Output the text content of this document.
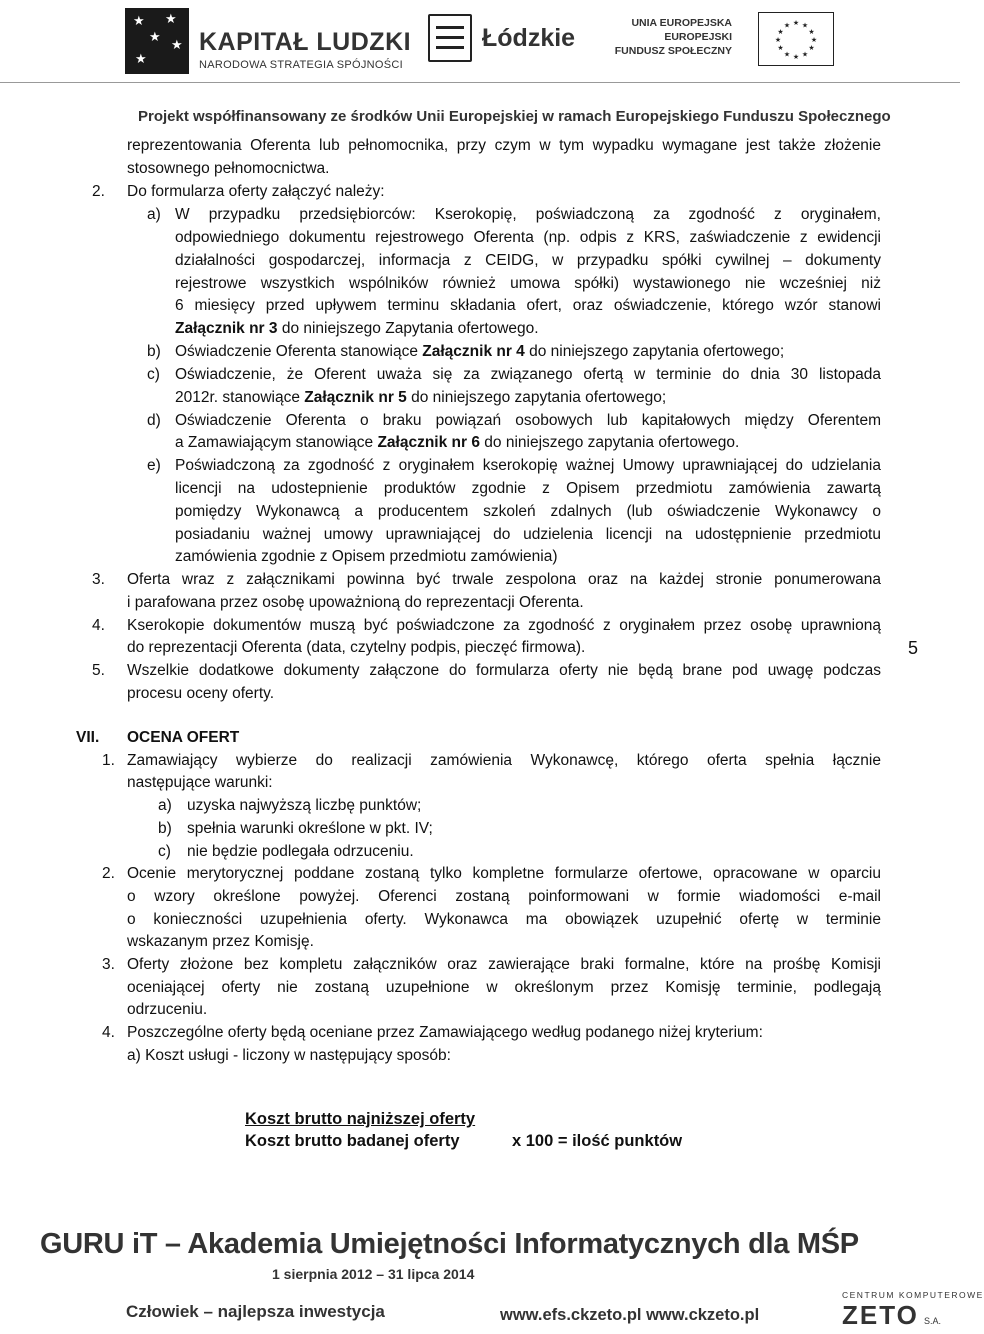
★ ★
★
★
★
KAPITAŁ LUDZKI
NARODOWA STRATEGIA SPÓJNOŚCI
Łódzkie
UNIA EUROPEJSKA
EUROPEJSKI
FUNDUSZ SPOŁECZNY
★ ★
★
★
★
★
★
★
★
★
★
★
Projekt współfinansowany ze środków Unii Europejskiej w ramach Europejskiego Funduszu Społecznego
reprezentowania Oferenta lub pełnomocnika, przy czym w tym wypadku wymagane jest także złożenie
stosownego pełnomocnictwa.
2. Do formularza oferty załączyć należy:
a) W przypadku przedsiębiorców: Kserokopię, poświadczoną za zgodność z oryginałem,
odpowiedniego dokumentu rejestrowego Oferenta (np. odpis z KRS, zaświadczenie z ewidencji
działalności gospodarczej, informacja z CEIDG, w przypadku spółki cywilnej – dokumenty
rejestrowe wszystkich wspólników również umowa spółki) wystawionego nie wcześniej niż
6 miesięcy przed upływem terminu składania ofert, oraz oświadczenie, którego wzór stanowi
Załącznik nr 3 do niniejszego Zapytania ofertowego.
b) Oświadczenie Oferenta stanowiące Załącznik nr 4 do niniejszego zapytania ofertowego;
c) Oświadczenie, że Oferent uważa się za związanego ofertą w terminie do dnia 30 listopada
2012r. stanowiące Załącznik nr 5 do niniejszego zapytania ofertowego;
d) Oświadczenie Oferenta o braku powiązań osobowych lub kapitałowych między Oferentem
a Zamawiającym stanowiące Załącznik nr 6 do niniejszego zapytania ofertowego.
e) Poświadczoną za zgodność z oryginałem kserokopię ważnej Umowy uprawniającej do udzielania
licencji na udostepnienie produktów zgodnie z Opisem przedmiotu zamówienia zawartą
pomiędzy Wykonawcą a producentem szkoleń zdalnych (lub oświadczenie Wykonawcy o
posiadaniu ważnej umowy uprawniającej do udzielenia licencji na udostępnienie przedmiotu
zamówienia zgodnie z Opisem przedmiotu zamówienia)
3. Oferta wraz z załącznikami powinna być trwale zespolona oraz na każdej stronie ponumerowana
i parafowana przez osobę upoważnioną do reprezentacji Oferenta.
4. Kserokopie dokumentów muszą być poświadczone za zgodność z oryginałem przez osobę uprawnioną
do reprezentacji Oferenta (data, czytelny podpis, pieczęć firmowa).
5. Wszelkie dodatkowe dokumenty załączone do formularza oferty nie będą brane pod uwagę podczas
procesu oceny oferty.
VII. OCENA OFERT
1. Zamawiający wybierze do realizacji zamówienia Wykonawcę, którego oferta spełnia łącznie
następujące warunki:
a) uzyska najwyższą liczbę punktów;
b) spełnia warunki określone w pkt. IV;
c) nie będzie podlegała odrzuceniu.
2. Ocenie merytorycznej poddane zostaną tylko kompletne formularze ofertowe, opracowane w oparciu
o wzory określone powyżej. Oferenci zostaną poinformowani w formie wiadomości e-mail
o konieczności uzupełnienia oferty. Wykonawca ma obowiązek uzupełnić ofertę w terminie
wskazanym przez Komisję.
3. Oferty złożone bez kompletu załączników oraz zawierające braki formalne, które na prośbę Komisji
oceniającej oferty nie zostaną uzupełnione w określonym przez Komisję terminie, podlegają
odrzuceniu.
4. Poszczególne oferty będą oceniane przez Zamawiającego według podanego niżej kryterium:
a) Koszt usługi - liczony w następujący sposób:
5
Koszt brutto najniższej oferty
Koszt brutto badanej oferty	x 100 = ilość punktów
GURU iT – Akademia Umiejętności Informatycznych dla MŚP
1 sierpnia 2012 – 31 lipca 2014
Człowiek – najlepsza inwestycja	www.efs.ckzeto.pl www.ckzeto.pl
CENTRUM KOMPUTEROWE
ZETO S.A.
